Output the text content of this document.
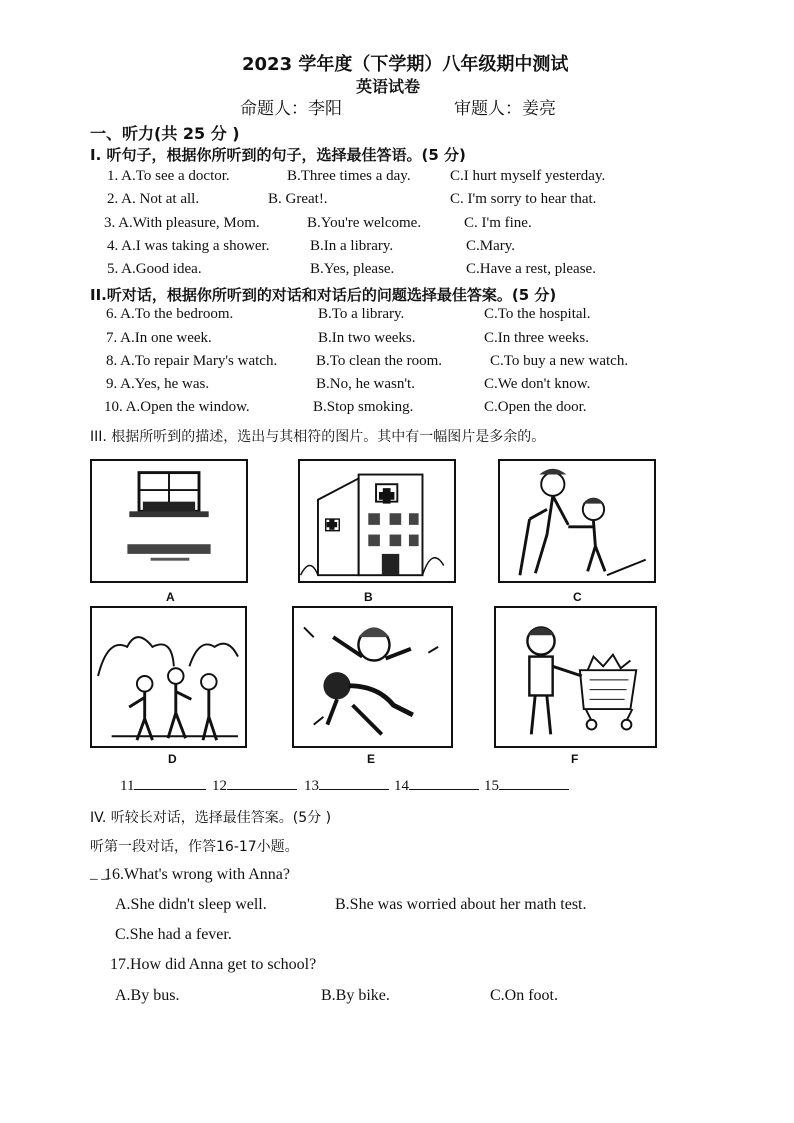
2023 学年度（下学期）八年级期中测试
英语试卷
命题人：李阳	审题人：姜亮
一、听力(共 25 分 )
I. 听句子，根据你所听到的句子，选择最佳答语。(5 分)
1. A.To see a doctor.	B.Three times a day.	C.I hurt myself yesterday.
2. A. Not at all.	B. Great!.	C. I'm sorry to hear that.
3. A.With pleasure, Mom.	B.You're welcome.	C. I'm fine.
4. A.I was taking a shower.	B.In a library.	C.Mary.
5. A.Good idea.	B.Yes, please.	C.Have a rest, please.
II.听对话，根据你所听到的对话和对话后的问题选择最佳答案。(5 分)
6. A.To the bedroom.	B.To a library.	C.To the hospital.
7. A.In one week.	B.In two weeks.	C.In three weeks.
8. A.To repair Mary's watch.	B.To clean the room.	C.To buy a new watch.
9. A.Yes, he was.	B.No, he wasn't.	C.We don't know.
10. A.Open the window.	B.Stop smoking.	C.Open the door.
III. 根据所听到的描述，选出与其相符的图片。其中有一幅图片是多余的。
A	B	C
D	E	F
11	12	13	14	15
IV. 听较长对话，选择最佳答案。(5分 )
听第一段对话，作答16-17小题。
_ _
16.What's wrong with Anna?
A.She didn't sleep well.	B.She was worried about her math test.
C.She had a fever.
17.How did Anna get to school?
A.By bus.	B.By bike.	C.On foot.
